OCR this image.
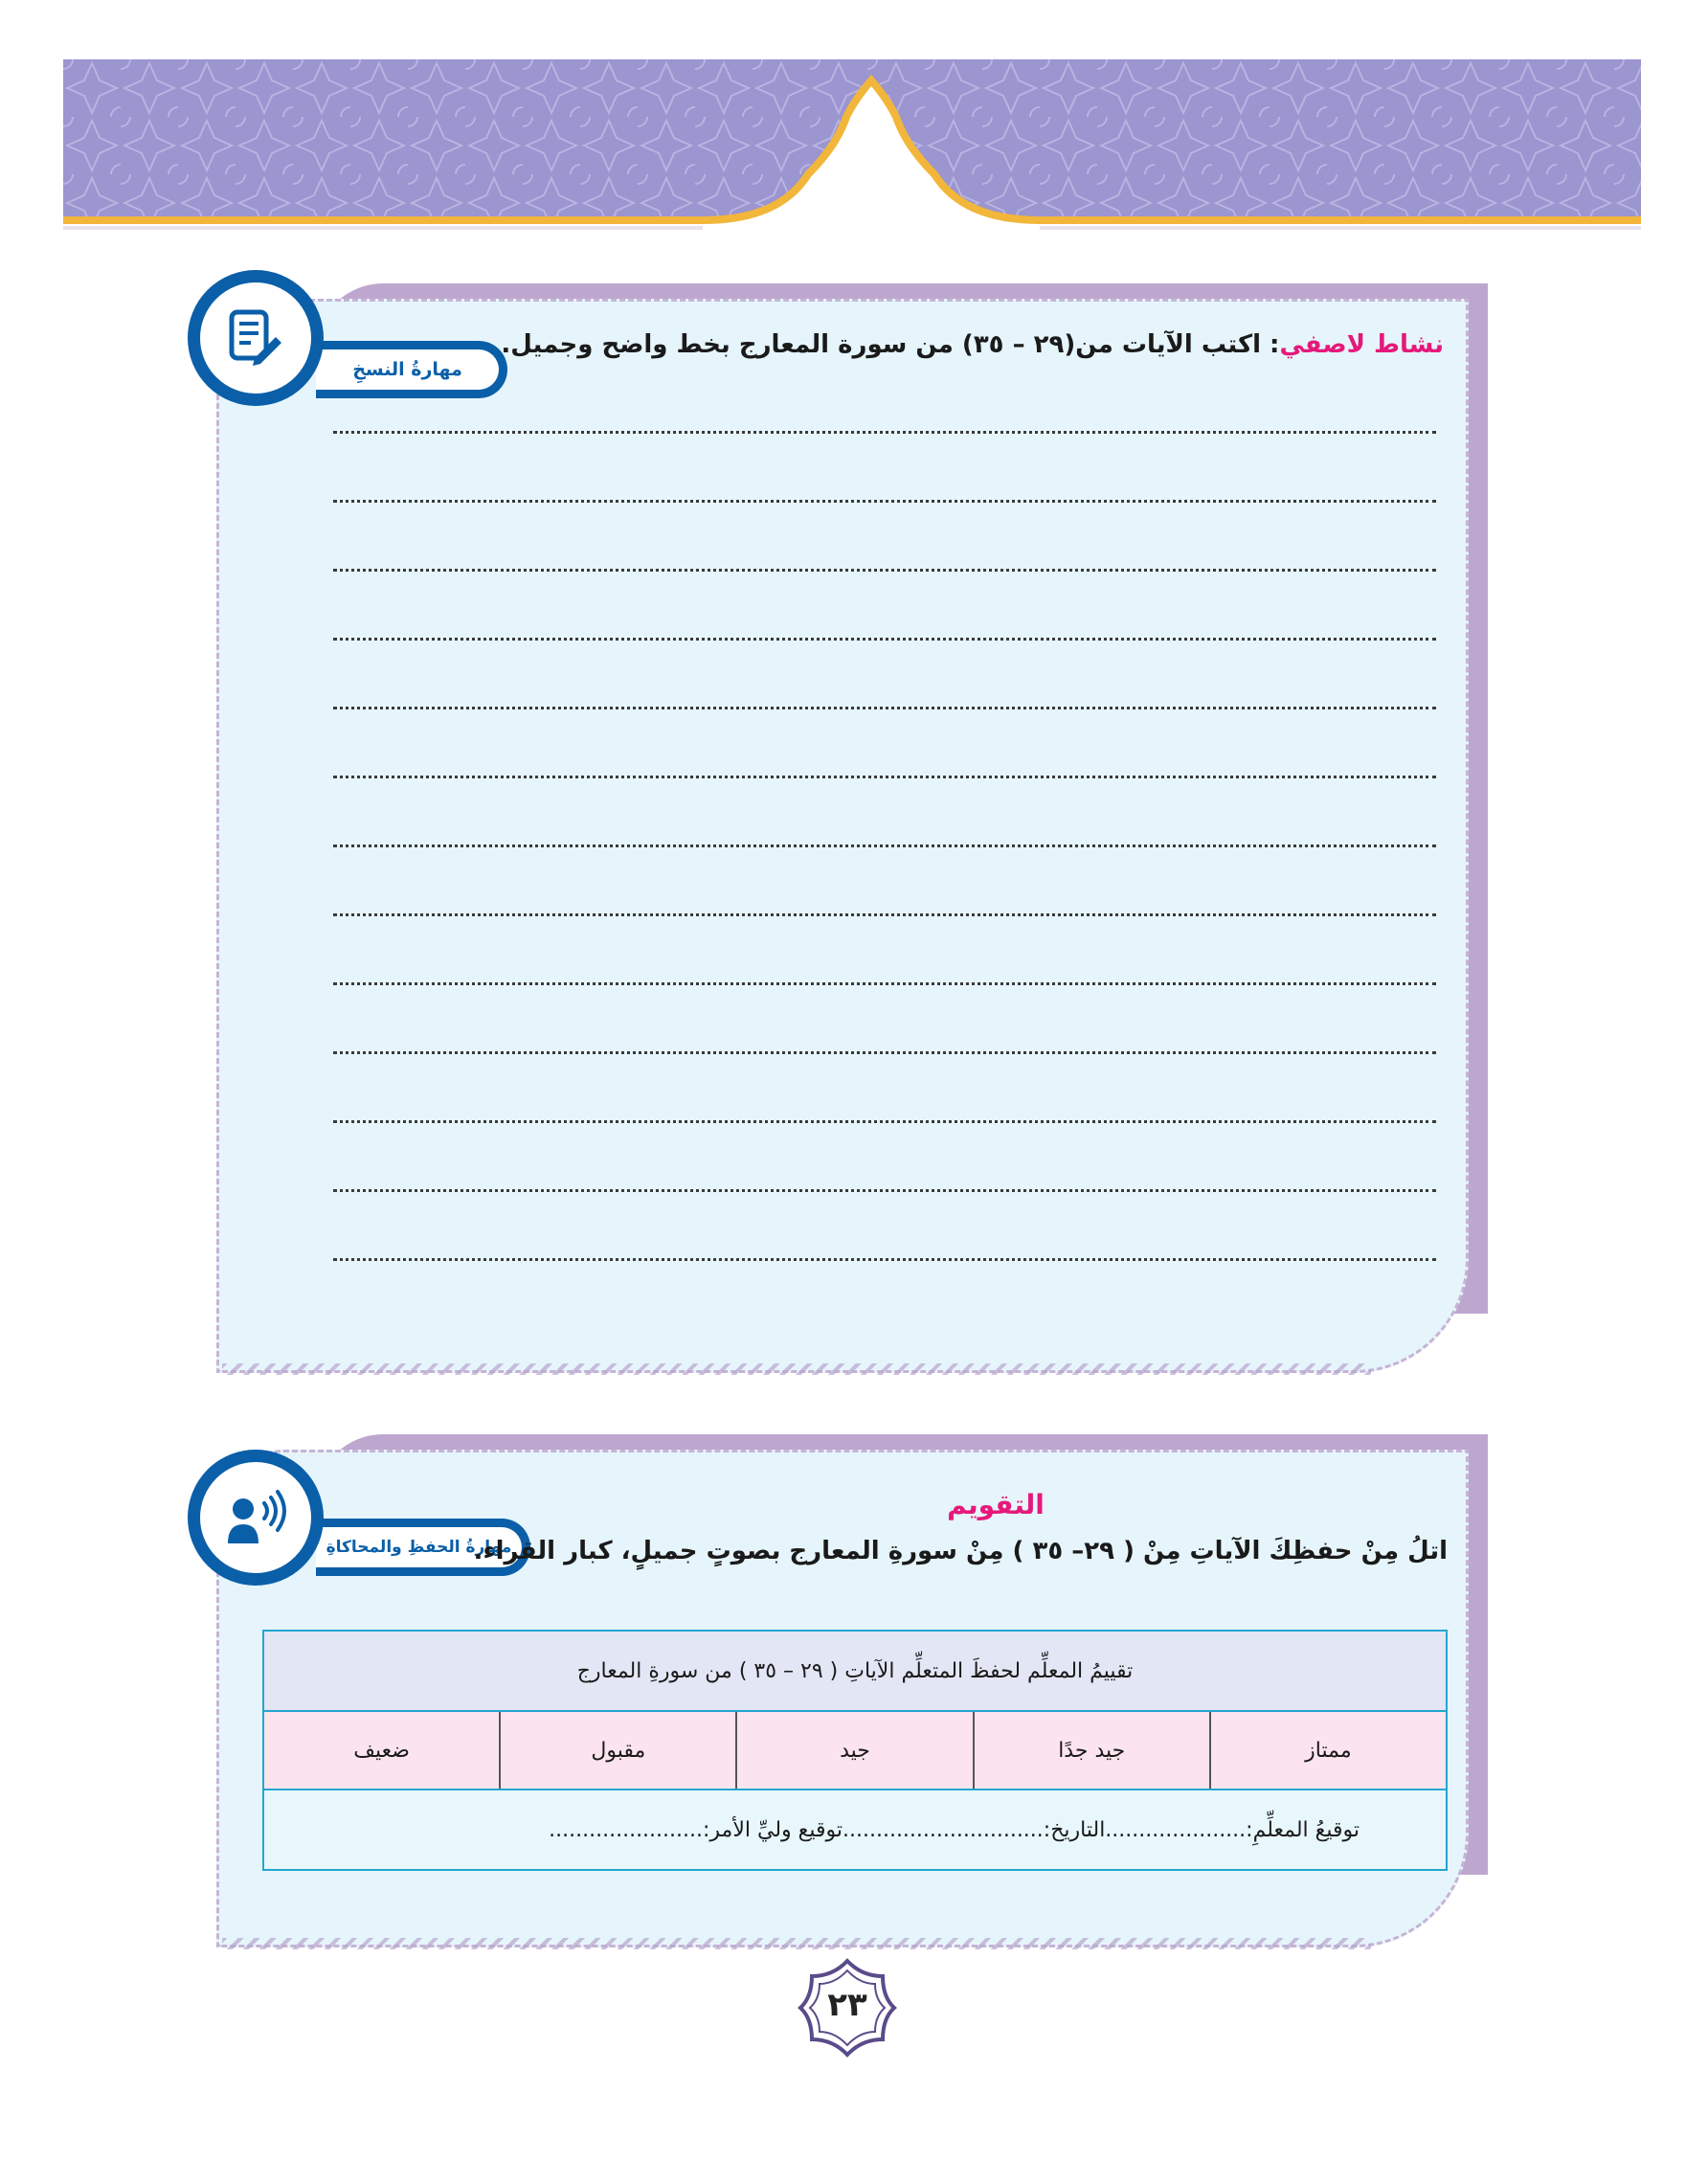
مهارةُ النسخِ
نشاط لاصفي: اكتب الآيات من(٢٩ – ٣٥) من سورة المعارج بخط واضح وجميل.
مهارةُ الحفظِ والمحاكاةِ
التقويم
اتلُ مِنْ حفظِكَ الآياتِ مِنْ ( ٢٩– ٣٥ ) مِنْ سورةِ المعارج بصوتٍ جميلٍ، كبار القراء.
تقييمُ المعلِّم لحفظَ المتعلِّم الآياتِ ( ٢٩ – ٣٥ ) من سورةِ المعارج
ممتاز	جيد جدًا	جيد	مقبول	ضعيف
توقيعُ المعلِّمِ:.....................التاريخ:..............................توقيع وليِّ الأمر:.......................
٢٣
